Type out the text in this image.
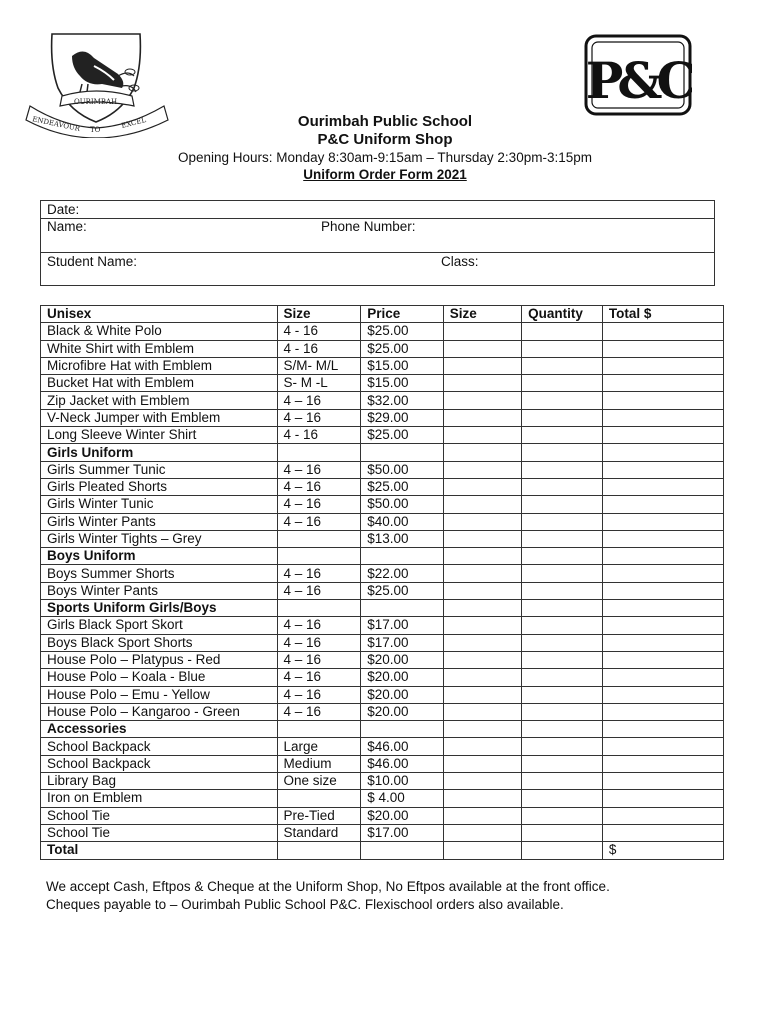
OURIMBAH
ENDEAVOUR TO
EXCEL
P&C
Ourimbah Public School
P&C Uniform Shop
Opening Hours: Monday 8:30am-9:15am – Thursday 2:30pm-3:15pm
Uniform Order Form 2021
Date:
Name:	Phone Number:
Student Name:	Class:
Unisex	Size	Price	Size	Quantity	Total $
Black & White Polo	4 - 16	$25.00			
White Shirt with Emblem	4 - 16	$25.00			
Microfibre Hat with Emblem	S/M- M/L	$15.00			
Bucket Hat with Emblem	S- M -L	$15.00			
Zip Jacket with Emblem	4 – 16	$32.00			
V-Neck Jumper with Emblem	4 – 16	$29.00			
Long Sleeve Winter Shirt	4 - 16	$25.00			
Girls Uniform					
Girls Summer Tunic	4 – 16	$50.00			
Girls Pleated Shorts	4 – 16	$25.00			
Girls Winter Tunic	4 – 16	$50.00			
Girls Winter Pants	4 – 16	$40.00			
Girls Winter Tights – Grey		$13.00			
Boys Uniform					
Boys Summer Shorts	4 – 16	$22.00			
Boys Winter Pants	4 – 16	$25.00			
Sports Uniform Girls/Boys					
Girls Black Sport Skort	4 – 16	$17.00			
Boys Black Sport Shorts	4 – 16	$17.00			
House Polo – Platypus - Red	4 – 16	$20.00			
House Polo – Koala - Blue	4 – 16	$20.00			
House Polo – Emu - Yellow	4 – 16	$20.00			
House Polo – Kangaroo - Green	4 – 16	$20.00			
Accessories					
School Backpack	Large	$46.00			
School Backpack	Medium	$46.00			
Library Bag	One size	$10.00			
Iron on Emblem		$ 4.00			
School Tie	Pre-Tied	$20.00			
School Tie	Standard	$17.00			
Total					$
We accept Cash, Eftpos & Cheque at the Uniform Shop, No Eftpos available at the front office.
Cheques payable to – Ourimbah Public School P&C. Flexischool orders also available.
